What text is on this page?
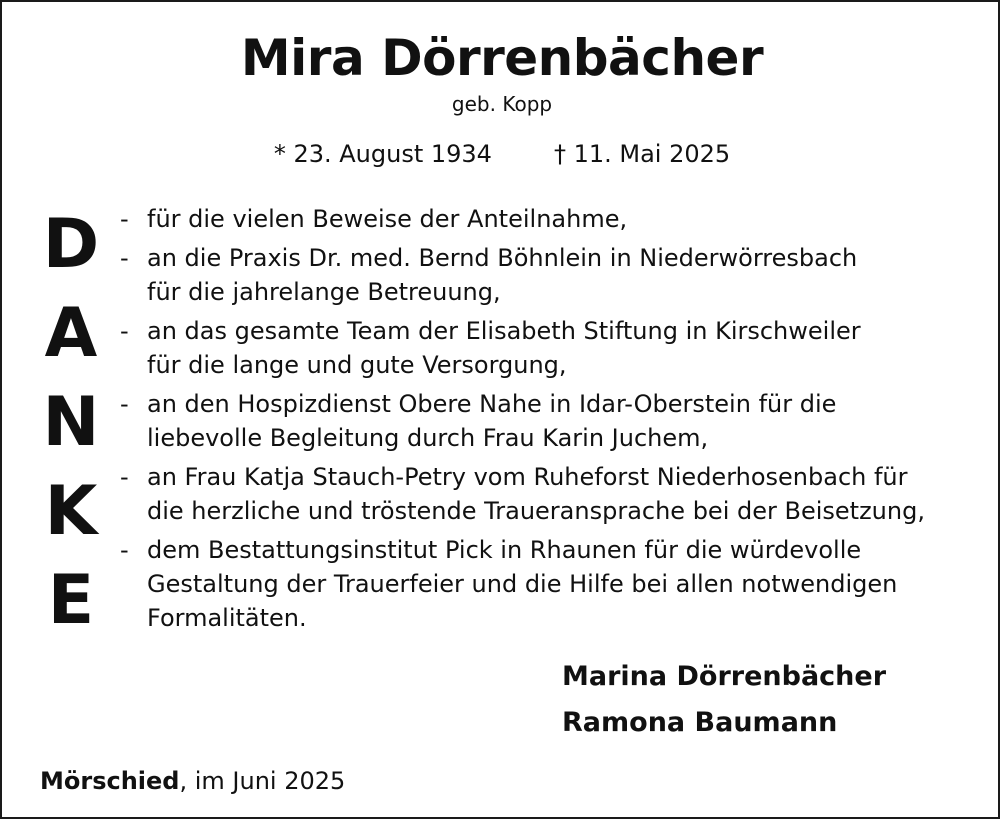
Mira Dörrenbächer
geb. Kopp
* 23. August 1934	† 11. Mai 2025
D
A
N
K
E
- für die vielen Beweise der Anteilnahme,
- an die Praxis Dr. med. Bernd Böhnlein in Niederwörresbach
für die jahrelange Betreuung,
- an das gesamte Team der Elisabeth Stiftung in Kirschweiler
für die lange und gute Versorgung,
- an den Hospizdienst Obere Nahe in Idar-Oberstein für die
liebevolle Begleitung durch Frau Karin Juchem,
- an Frau Katja Stauch-Petry vom Ruheforst Niederhosenbach für
die herzliche und tröstende Traueransprache bei der Beisetzung,
- dem Bestattungsinstitut Pick in Rhaunen für die würdevolle
Gestaltung der Trauerfeier und die Hilfe bei allen notwendigen
Formalitäten.
Marina Dörrenbächer
Ramona Baumann
Mörschied, im Juni 2025
